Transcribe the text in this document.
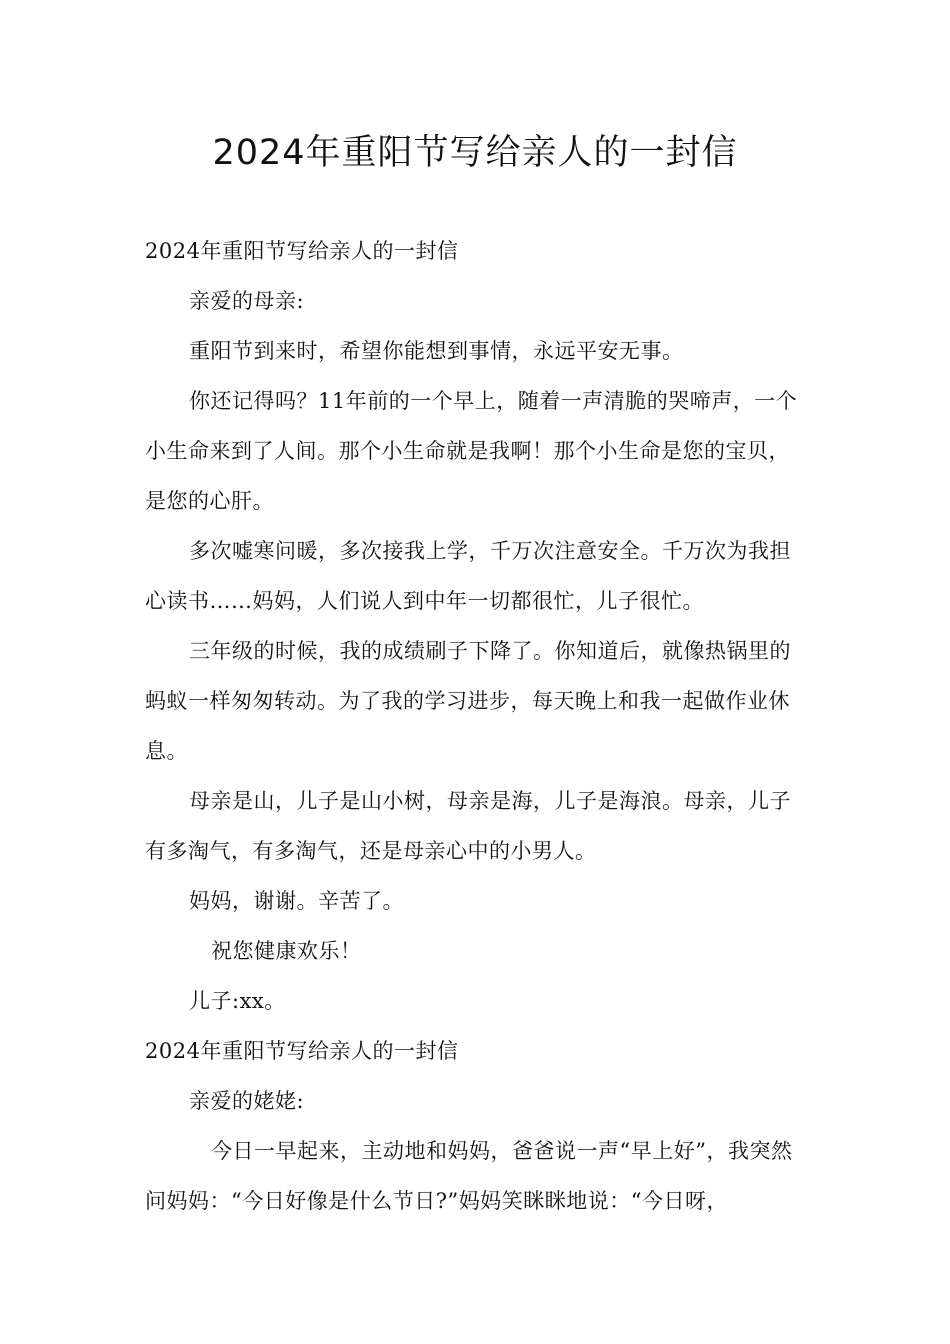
2024年重阳节写给亲人的一封信

2024年重阳节写给亲人的一封信

亲爱的母亲:

重阳节到来时，希望你能想到事情，永远平安无事。

你还记得吗？11年前的一个早上，随着一声清脆的哭啼声，一个小生命来到了人间。那个小生命就是我啊！那个小生命是您的宝贝，是您的心肝。

多次嘘寒问暖，多次接我上学，千万次注意安全。千万次为我担心读书……妈妈，人们说人到中年一切都很忙，儿子很忙。

三年级的时候，我的成绩刷子下降了。你知道后，就像热锅里的蚂蚁一样匆匆转动。为了我的学习进步，每天晚上和我一起做作业休息。

母亲是山，儿子是山小树，母亲是海，儿子是海浪。母亲，儿子有多淘气，有多淘气，还是母亲心中的小男人。

妈妈，谢谢。辛苦了。

祝您健康欢乐！

儿子:xx。

2024年重阳节写给亲人的一封信

亲爱的姥姥:

今日一早起来，主动地和妈妈，爸爸说一声“早上好”，我突然问妈妈：“今日好像是什么节日?”妈妈笑眯眯地说：“今日呀，
